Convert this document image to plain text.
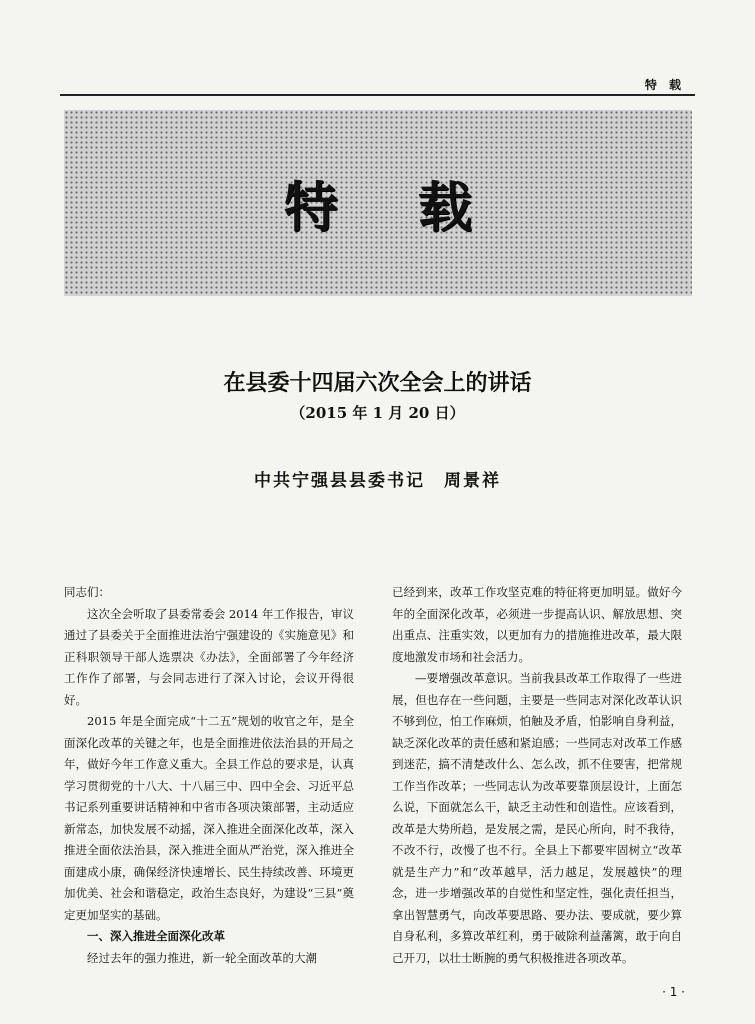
特 载
特载
在县委十四届六次全会上的讲话
（2015 年 1 月 20 日）
中共宁强县县委书记　周景祥

同志们：

这次全会听取了县委常委会 2014 年工作报告，审议通过了县委关于全面推进法治宁强建设的《实施意见》和正科职领导干部人选票决《办法》，全面部署了今年经济工作作了部署，与会同志进行了深入讨论，会议开得很好。

2015 年是全面完成“十二五”规划的收官之年，是全面深化改革的关键之年，也是全面推进依法治县的开局之年，做好今年工作意义重大。全县工作总的要求是，认真学习贯彻党的十八大、十八届三中、四中全会、习近平总书记系列重要讲话精神和中省市各项决策部署，主动适应新常态，加快发展不动摇，深入推进全面深化改革，深入推进全面依法治县，深入推进全面从严治党，深入推进全面建成小康，确保经济快速增长、民生持续改善、环境更加优美、社会和谐稳定，政治生态良好，为建设“三县”奠定更加坚实的基础。

一、深入推进全面深化改革

经过去年的强力推进，新一轮全面改革的大潮

已经到来，改革工作攻坚克难的特征将更加明显。做好今年的全面深化改革，必须进一步提高认识、解放思想、突出重点、注重实效，以更加有力的措施推进改革，最大限度地激发市场和社会活力。

—要增强改革意识。当前我县改革工作取得了一些进展，但也存在一些问题，主要是一些同志对深化改革认识不够到位，怕工作麻烦，怕触及矛盾，怕影响自身利益，缺乏深化改革的责任感和紧迫感；一些同志对改革工作感到迷茫，搞不清楚改什么、怎么改，抓不住要害，把常规工作当作改革；一些同志认为改革要靠顶层设计，上面怎么说，下面就怎么干，缺乏主动性和创造性。应该看到，改革是大势所趋，是发展之需，是民心所向，时不我待，不改不行，改慢了也不行。全县上下都要牢固树立“改革就是生产力”和“改革越早，活力越足，发展越快”的理念，进一步增强改革的自觉性和坚定性，强化责任担当，拿出智慧勇气，向改革要思路、要办法、要成就，要少算自身私利，多算改革红利，勇于破除利益藩篱，敢于向自己开刀，以壮士断腕的勇气积极推进各项改革。

· 1 ·
